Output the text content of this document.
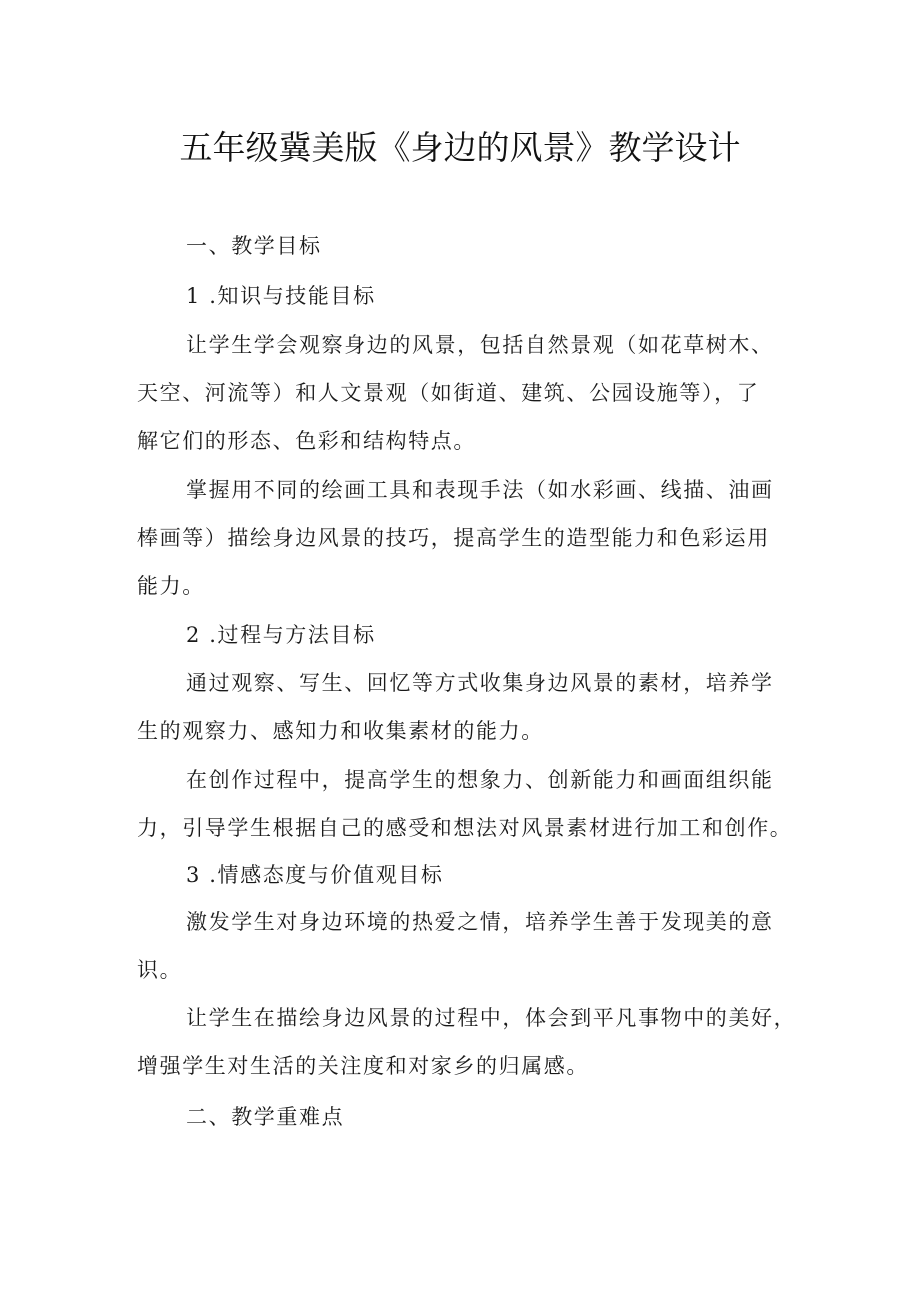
五年级冀美版《身边的风景》教学设计
一、教学目标
1 .知识与技能目标
让学生学会观察身边的风景，包括自然景观（如花草树木、
天空、河流等）和人文景观（如街道、建筑、公园设施等），了
解它们的形态、色彩和结构特点。
掌握用不同的绘画工具和表现手法（如水彩画、线描、油画
棒画等）描绘身边风景的技巧，提高学生的造型能力和色彩运用
能力。
2 .过程与方法目标
通过观察、写生、回忆等方式收集身边风景的素材，培养学
生的观察力、感知力和收集素材的能力。
在创作过程中，提高学生的想象力、创新能力和画面组织能
力，引导学生根据自己的感受和想法对风景素材进行加工和创作。
3 .情感态度与价值观目标
激发学生对身边环境的热爱之情，培养学生善于发现美的意
识。
让学生在描绘身边风景的过程中，体会到平凡事物中的美好，
增强学生对生活的关注度和对家乡的归属感。
二、教学重难点
